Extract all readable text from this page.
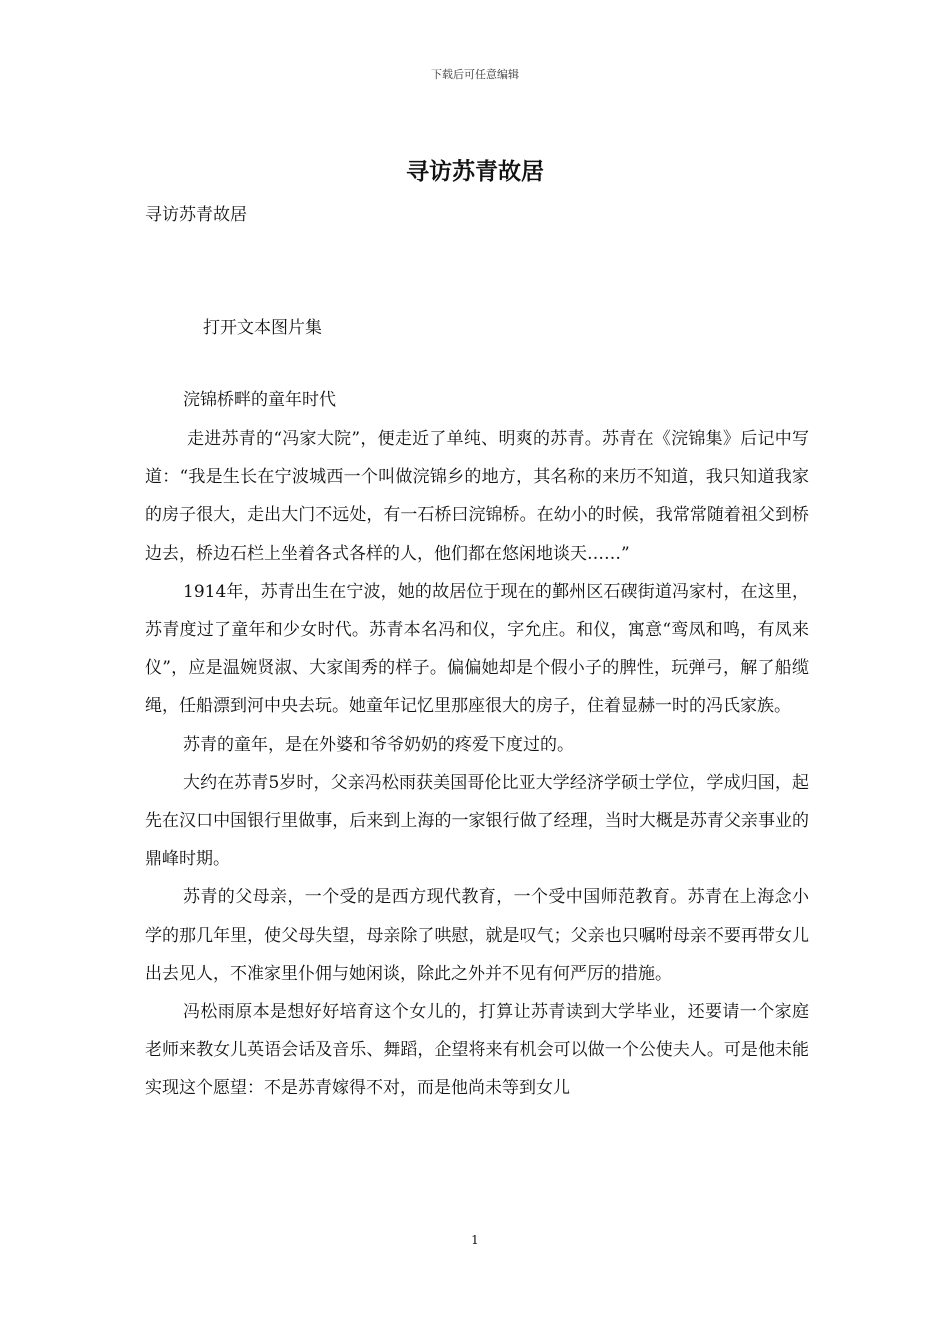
下载后可任意编辑
寻访苏青故居
寻访苏青故居
打开文本图片集
浣锦桥畔的童年时代

走进苏青的“冯家大院”，便走近了单纯、明爽的苏青。苏青在《浣锦集》后记中写道：“我是生长在宁波城西一个叫做浣锦乡的地方，其名称的来历不知道，我只知道我家的房子很大，走出大门不远处，有一石桥曰浣锦桥。在幼小的时候，我常常随着祖父到桥边去，桥边石栏上坐着各式各样的人，他们都在悠闲地谈天……”

1914年，苏青出生在宁波，她的故居位于现在的鄞州区石碶街道冯家村，在这里，苏青度过了童年和少女时代。苏青本名冯和仪，字允庄。和仪，寓意“鸾凤和鸣，有凤来仪”，应是温婉贤淑、大家闺秀的样子。偏偏她却是个假小子的脾性，玩弹弓，解了船缆绳，任船漂到河中央去玩。她童年记忆里那座很大的房子，住着显赫一时的冯氏家族。

苏青的童年，是在外婆和爷爷奶奶的疼爱下度过的。

大约在苏青5岁时，父亲冯松雨获美国哥伦比亚大学经济学硕士学位，学成归国，起先在汉口中国银行里做事，后来到上海的一家银行做了经理，当时大概是苏青父亲事业的鼎峰时期。

苏青的父母亲，一个受的是西方现代教育，一个受中国师范教育。苏青在上海念小学的那几年里，使父母失望，母亲除了哄慰，就是叹气；父亲也只嘱咐母亲不要再带女儿出去见人，不准家里仆佣与她闲谈，除此之外并不见有何严厉的措施。

冯松雨原本是想好好培育这个女儿的，打算让苏青读到大学毕业，还要请一个家庭老师来教女儿英语会话及音乐、舞蹈，企望将来有机会可以做一个公使夫人。可是他未能实现这个愿望：不是苏青嫁得不对，而是他尚未等到女儿

1
